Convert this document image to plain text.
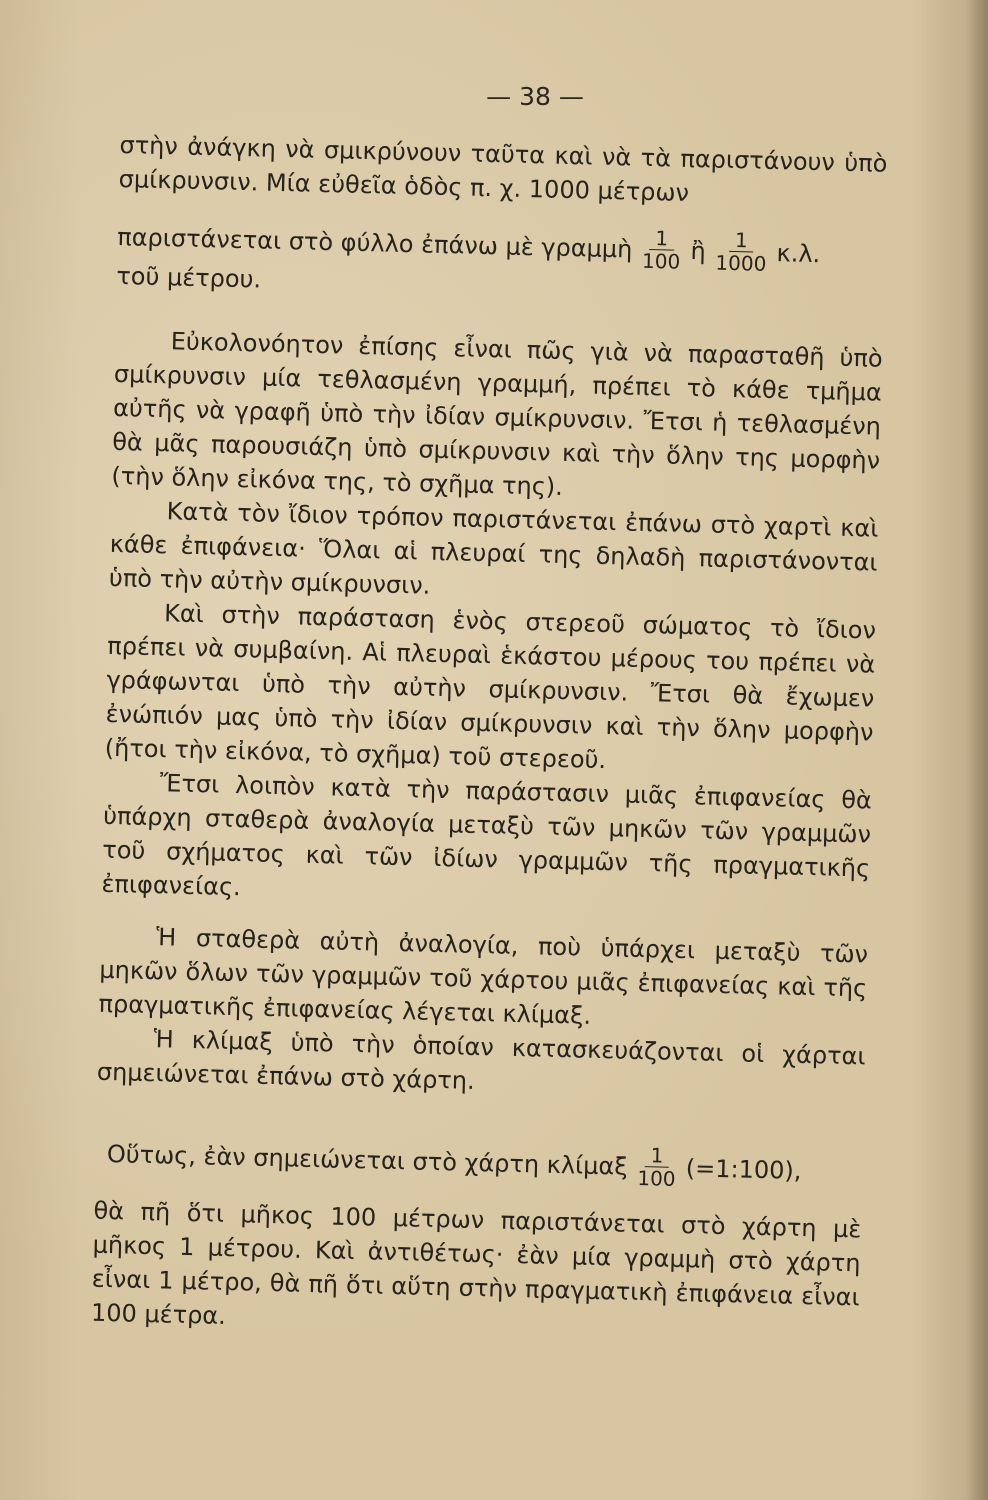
— 38 —

στὴν ἀνάγκη νὰ σμικρύνουν ταῦτα καὶ νὰ τὰ παριστάνουν ὑπὸ σμίκρυνσιν. Μία εὐθεῖα ὁδὸς π. χ. 1000 μέτρων

παριστάνεται στὸ φύλλο ἐπάνω μὲ γραμμὴ $\frac{1}{100}$ ἢ $\frac{1}{1000} \kappa.\lambda$.

τοῦ μέτρου.

Εὐκολονόητον ἐπίσης εἶναι πῶς γιὰ νὰ παρασταθῆ ὑπὸ σμίκρυνσιν μία τεθλασμένη γραμμή, πρέπει τὸ κάθε τμῆμα αὐτῆς νὰ γραφῆ ὑπὸ τὴν ἰδίαν σμίκρυνσιν. Ἔτσι ἡ τεθλασμένη θὰ μᾶς παρουσιάζη ὑπὸ σμίκρυνσιν καὶ τὴν ὅλην της μορφὴν (τὴν ὅλην εἰκόνα της, τὸ σχῆμα της).

Κατὰ τὸν ἴδιον τρόπον παριστάνεται ἐπάνω στὸ χαρτὶ καὶ κάθε ἐπιφάνεια· Ὅλαι αἱ πλευραί της δηλαδὴ παριστάνονται ὑπὸ τὴν αὐτὴν σμίκρυνσιν.

Καὶ στὴν παράσταση ἑνὸς στερεοῦ σώματος τὸ ἴδιον πρέπει νὰ συμβαίνη. Αἱ πλευραὶ ἑκάστου μέρους του πρέπει νὰ γράφωνται ὑπὸ τὴν αὐτὴν σμίκρυνσιν. Ἔτσι θὰ ἔχωμεν ἐνώπιόν μας ὑπὸ τὴν ἰδίαν σμίκρυνσιν καὶ τὴν ὅλην μορφὴν (ἤτοι τὴν εἰκόνα, τὸ σχῆμα) τοῦ στερεοῦ.

Ἔτσι λοιπὸν κατὰ τὴν παράστασιν μιᾶς ἐπιφανείας θὰ ὑπάρχη σταθερὰ ἀναλογία μεταξὺ τῶν μηκῶν τῶν γραμμῶν τοῦ σχήματος καὶ τῶν ἰδίων γραμμῶν τῆς πραγματικῆς ἐπιφανείας.

Ἡ σταθερὰ αὐτὴ ἀναλογία, ποὺ ὑπάρχει μεταξὺ τῶν μηκῶν ὅλων τῶν γραμμῶν τοῦ χάρτου μιᾶς ἐπιφανείας καὶ τῆς πραγματικῆς ἐπιφανείας λέγεται κλίμαξ.

Ἡ κλίμαξ ὑπὸ τὴν ὁποίαν κατασκευάζονται οἱ χάρται σημειώνεται ἐπάνω στὸ χάρτη.

Οὕτως, ἐὰν σημειώνεται στὸ χάρτη κλίμαξ $\frac{1}{100}$ (=1:100),

θὰ πῆ ὅτι μῆκος 100 μέτρων παριστάνεται στὸ χάρτη μὲ μῆκος 1 μέτρου. Καὶ ἀντιθέτως· ἐὰν μία γραμμὴ στὸ χάρτη εἶναι 1 μέτρο, θὰ πῆ ὅτι αὕτη στὴν πραγματικὴ ἐπιφάνεια εἶναι 100 μέτρα.
